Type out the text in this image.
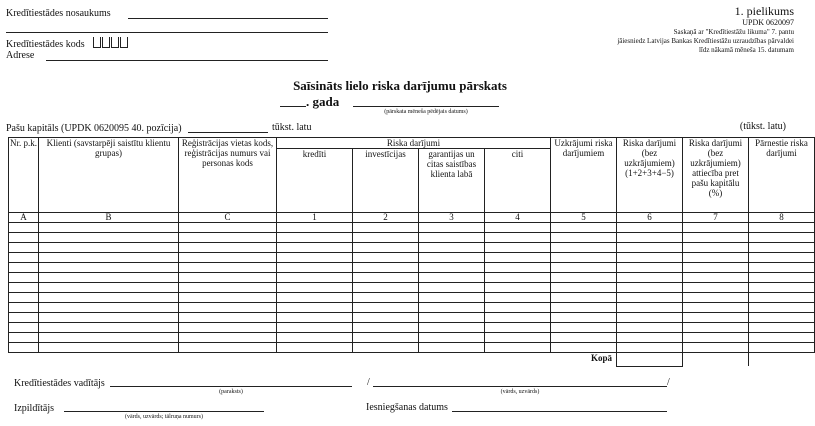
Kredītiestādes nosaukums
Kredītiestādes kods
Adrese
1. pielikums
UPDK 0620097
Saskaņā ar "Kredītiestāžu likuma" 7. pantu
jāiesniedz Latvijas Bankas Kredītiestāžu uzraudzības pārvaldei
līdz nākamā mēneša 15. datumam
Saīsināts lielo riska darījumu pārskats
. gada
(pārskata mēneša pēdējais datums)
Pašu kapitāls (UPDK 0620095 40. pozīcija)	tūkst. latu	(tūkst. latu)
Nr. p.k.	Klienti (savstarpēji saistītu klientu grupas)	Reģistrācijas vietas kods, reģistrācijas numurs vai personas kods	Riska darījumi				Uzkrājumi riska darījumiem	Riska darījumi (bez uzkrājumiem) (1+2+3+4−5)	Riska darījumi (bez uzkrājumiem) attiecība pret pašu kapitālu (%)	Pārnestie riska darījumi
			kredīti	investīcijas	garantijas un citas saistības klienta labā	citi				
A	B	C	1	2	3	4	5	6	7	8

Kopā										
Kredītiestādes vadītājs
(paraksts)
/	/
(vārds, uzvārds)
Izpildītājs
(vārds, uzvārds; tālruņa numurs)
Iesniegšanas datums
